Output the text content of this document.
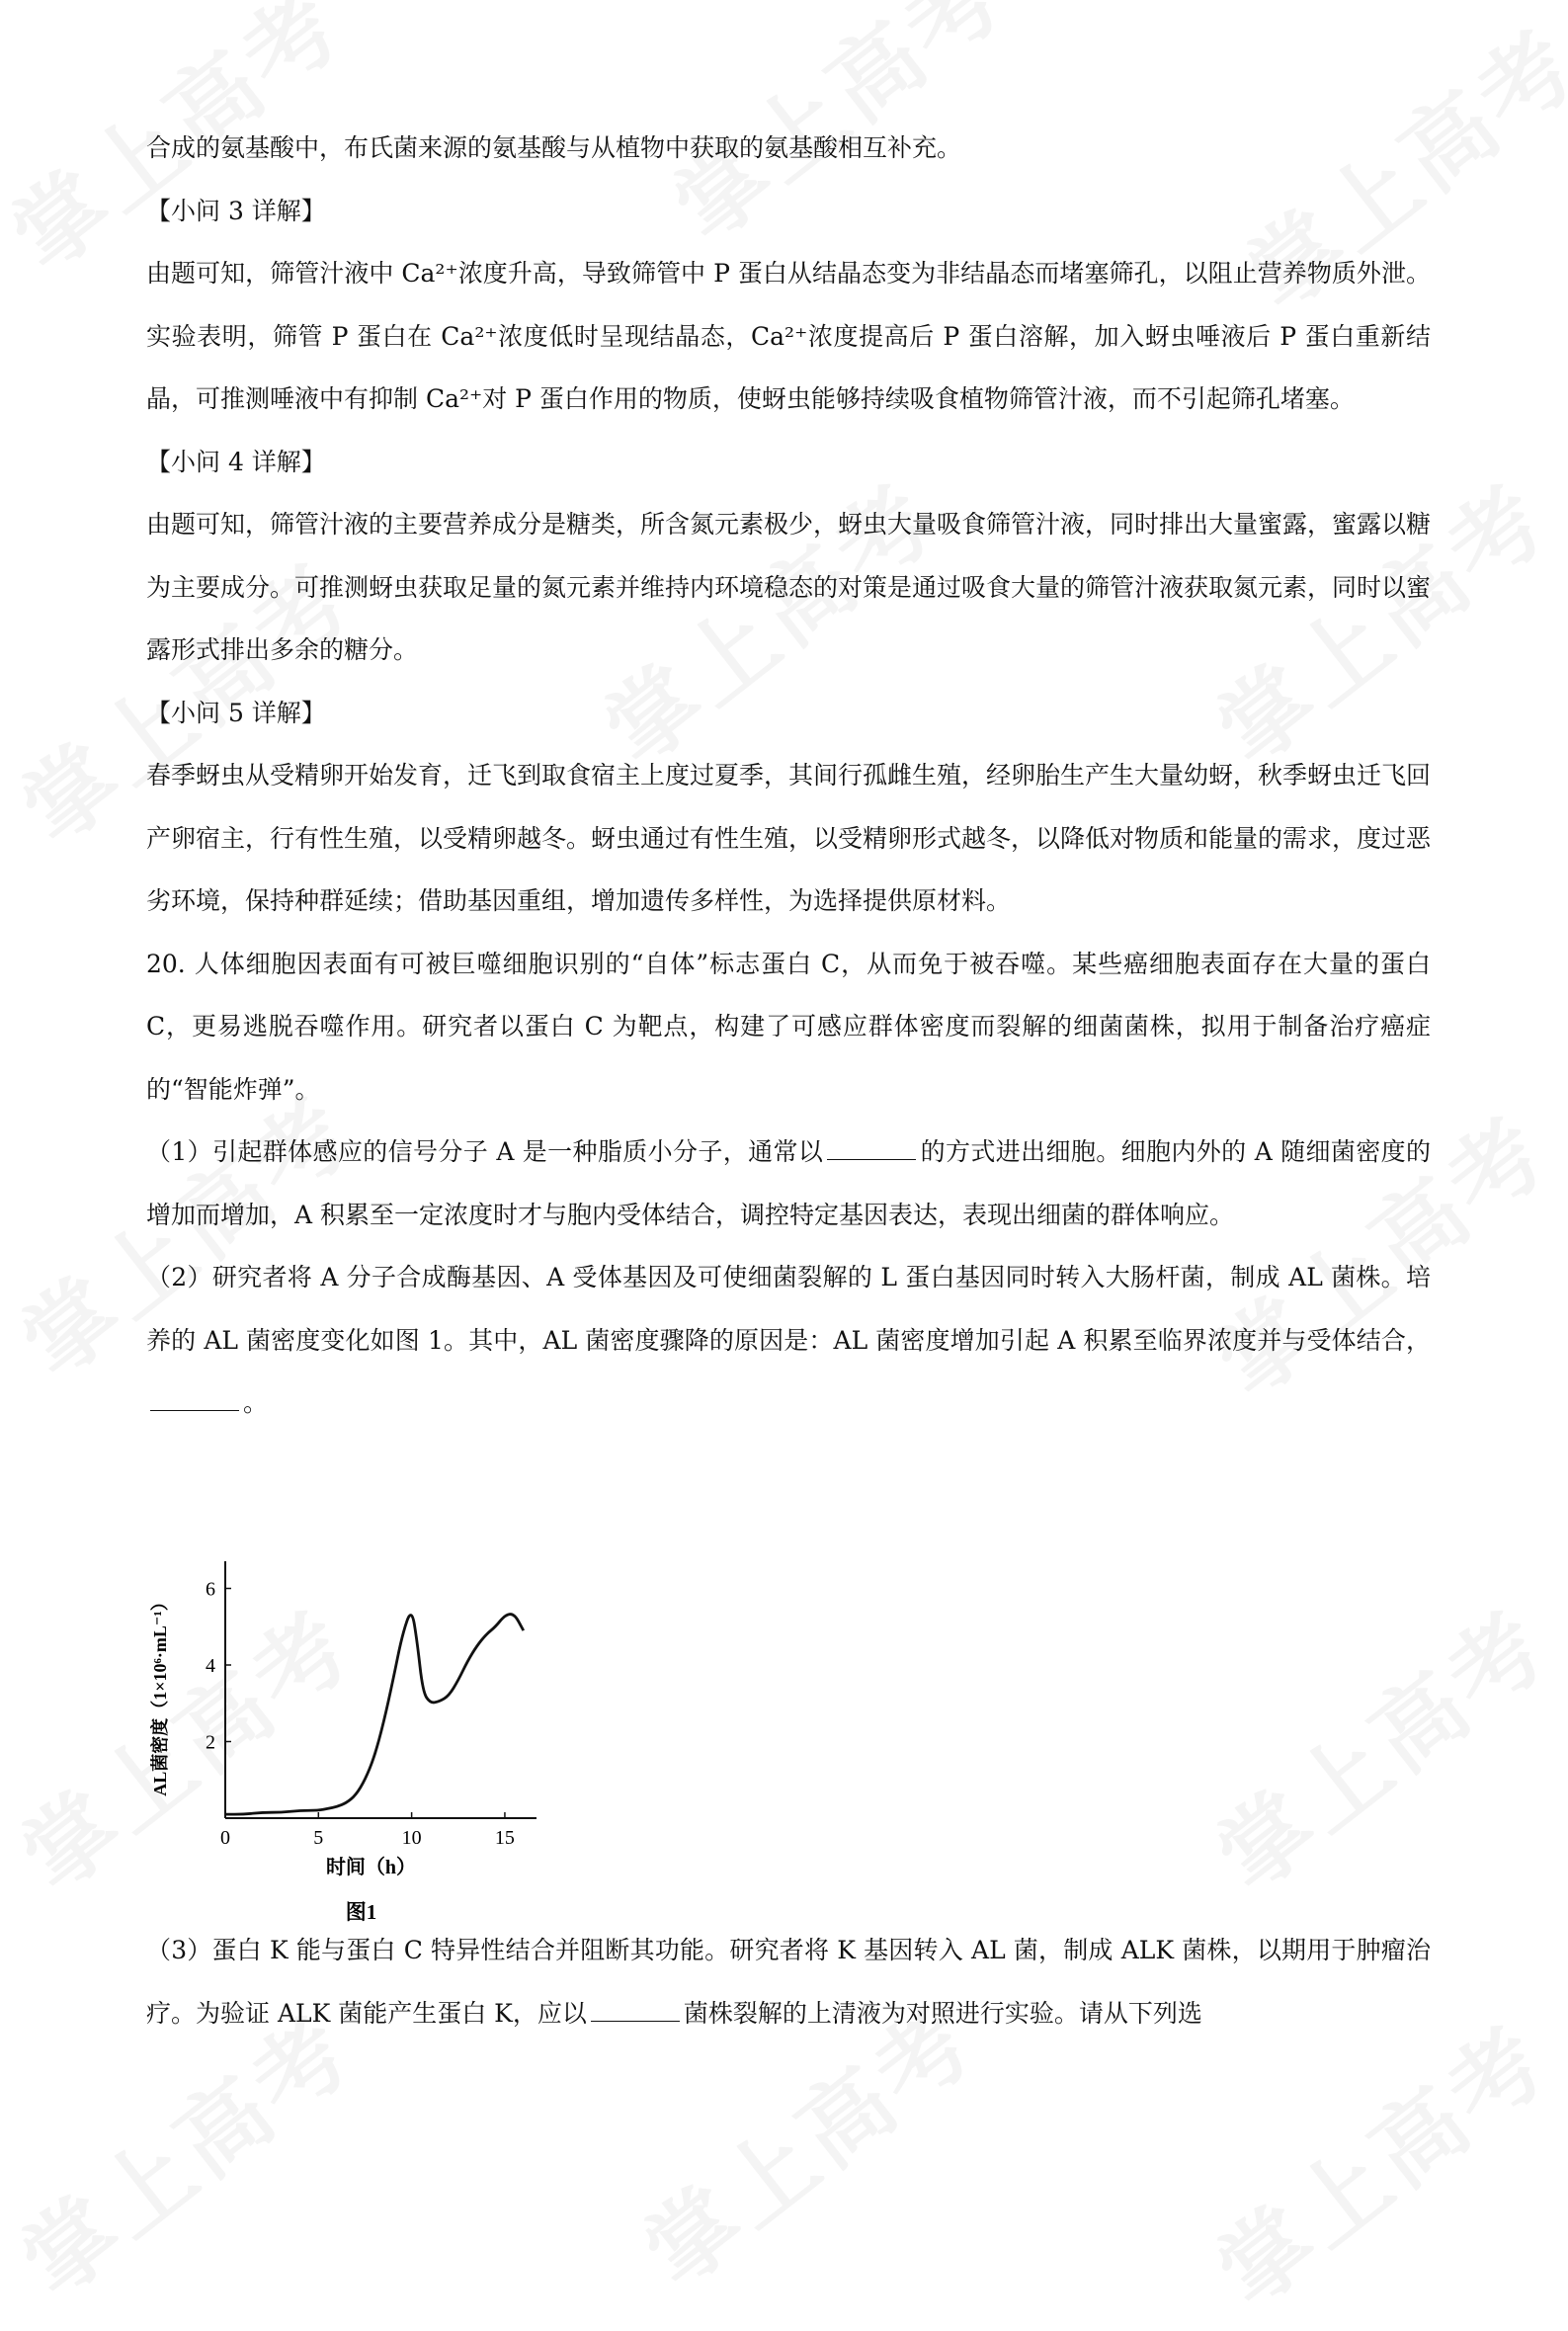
合成的氨基酸中，布氏菌来源的氨基酸与从植物中获取的氨基酸相互补充。

【小问 3 详解】

由题可知，筛管汁液中 Ca²⁺浓度升高，导致筛管中 P 蛋白从结晶态变为非结晶态而堵塞筛孔，以阻止营养物质外泄。实验表明，筛管 P 蛋白在 Ca²⁺浓度低时呈现结晶态，Ca²⁺浓度提高后 P 蛋白溶解，加入蚜虫唾液后 P 蛋白重新结晶，可推测唾液中有抑制 Ca²⁺对 P 蛋白作用的物质，使蚜虫能够持续吸食植物筛管汁液，而不引起筛孔堵塞。

【小问 4 详解】

由题可知，筛管汁液的主要营养成分是糖类，所含氮元素极少，蚜虫大量吸食筛管汁液，同时排出大量蜜露，蜜露以糖为主要成分。可推测蚜虫获取足量的氮元素并维持内环境稳态的对策是通过吸食大量的筛管汁液获取氮元素，同时以蜜露形式排出多余的糖分。

【小问 5 详解】

春季蚜虫从受精卵开始发育，迁飞到取食宿主上度过夏季，其间行孤雌生殖，经卵胎生产生大量幼蚜，秋季蚜虫迁飞回产卵宿主，行有性生殖，以受精卵越冬。蚜虫通过有性生殖，以受精卵形式越冬，以降低对物质和能量的需求，度过恶劣环境，保持种群延续；借助基因重组，增加遗传多样性，为选择提供原材料。

20. 人体细胞因表面有可被巨噬细胞识别的“自体”标志蛋白 C，从而免于被吞噬。某些癌细胞表面存在大量的蛋白 C，更易逃脱吞噬作用。研究者以蛋白 C 为靶点，构建了可感应群体密度而裂解的细菌菌株，拟用于制备治疗癌症的“智能炸弹”。

（1）引起群体感应的信号分子 A 是一种脂质小分子，通常以	的方式进出细胞。细胞内外的 A 随细菌密度的增加而增加，A 积累至一定浓度时才与胞内受体结合，调控特定基因表达，表现出细菌的群体响应。

（2）研究者将 A 分子合成酶基因、A 受体基因及可使细菌裂解的 L 蛋白基因同时转入大肠杆菌，制成 AL 菌株。培养的 AL 菌密度变化如图 1。其中，AL 菌密度骤降的原因是：AL 菌密度增加引起 A 积累至临界浓度并与受体结合，。

0	5	10	15
2
4
6
时间（h）
AL菌密度（1×10⁶·mL⁻¹）
图1

（3）蛋白 K 能与蛋白 C 特异性结合并阻断其功能。研究者将 K 基因转入 AL 菌，制成 ALK 菌株，以期用于肿瘤治疗。为验证 ALK 菌能产生蛋白 K，应以	菌株裂解的上清液为对照进行实验。请从下列选
